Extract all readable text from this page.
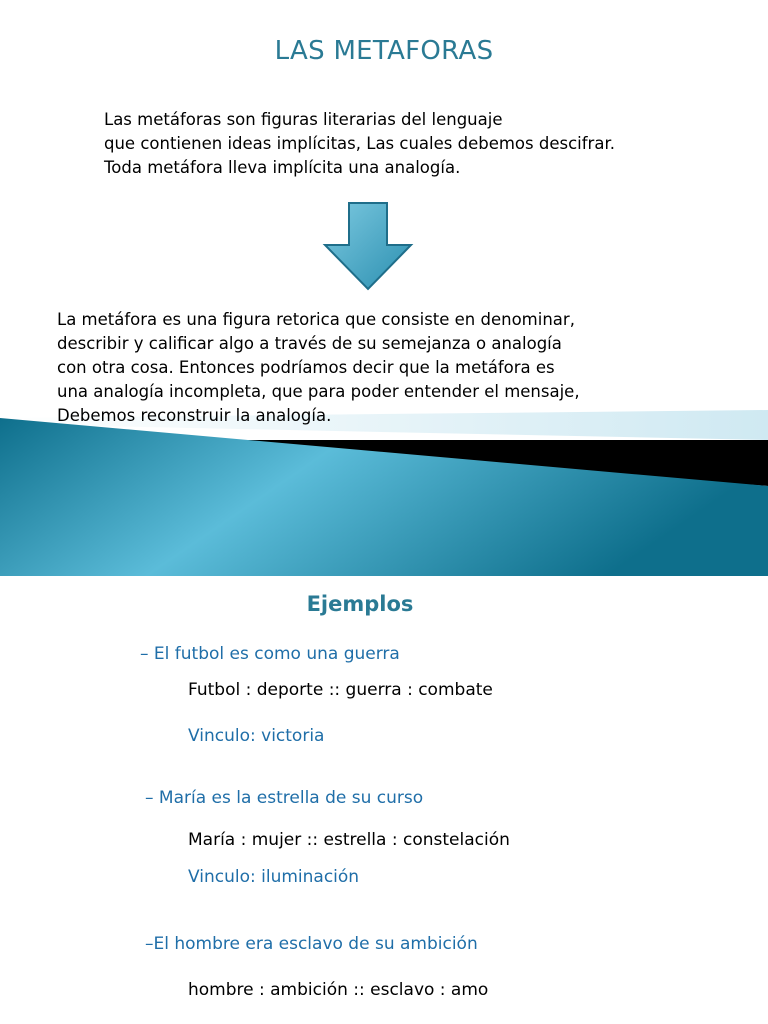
LAS METAFORAS

Las metáforas son figuras literarias del lenguaje
que contienen ideas implícitas, Las cuales debemos descifrar.
Toda metáfora lleva implícita una analogía.

La metáfora es una figura retorica que consiste en denominar,
describir y calificar algo a través de su semejanza o analogía
con otra cosa. Entonces podríamos decir que la metáfora es
una analogía incompleta, que para poder entender el mensaje,
Debemos reconstruir la analogía.

Ejemplos
– El futbol es como una guerra
Futbol : deporte :: guerra : combate
Vinculo: victoria
– María es la estrella de su curso
María : mujer :: estrella : constelación
Vinculo: iluminación
–El hombre era esclavo de su ambición
hombre : ambición :: esclavo : amo
